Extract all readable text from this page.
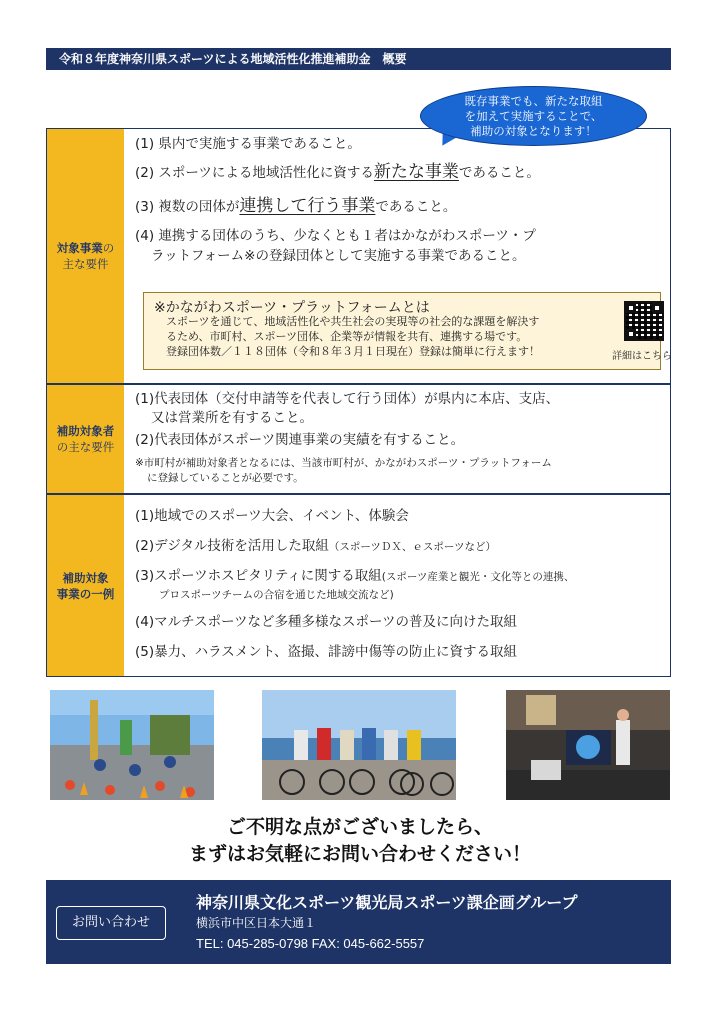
令和８年度神奈川県スポーツによる地域活性化推進補助金　概要
既存事業でも、新たな取組
を加えて実施することで、
補助の対象となります！
対象事業の
主な要件
(1) 県内で実施する事業であること。
(2) スポーツによる地域活性化に資する新たな事業であること。
(3) 複数の団体が連携して行う事業であること。
(4) 連携する団体のうち、少なくとも１者はかながわスポーツ・プ
ラットフォーム※の登録団体として実施する事業であること。
※かながわスポーツ・プラットフォームとは
スポーツを通じて、地域活性化や共生社会の実現等の社会的な課題を解決す
るため、市町村、スポーツ団体、企業等が情報を共有、連携する場です。
登録団体数／１１８団体（令和８年３月１日現在）登録は簡単に行えます！	詳細はこちら
補助対象者
の主な要件
(1)代表団体（交付申請等を代表して行う団体）が県内に本店、支店、
又は営業所を有すること。
(2)代表団体がスポーツ関連事業の実績を有すること。
※市町村が補助対象者となるには、当該市町村が、かながわスポーツ・プラットフォーム
に登録していることが必要です。
補助対象
事業の一例
(1)地域でのスポーツ大会、イベント、体験会
(2)デジタル技術を活用した取組（スポーツＤＸ、ｅスポーツなど）
(3)スポーツホスピタリティに関する取組(スポーツ産業と観光・文化等との連携、
プロスポーツチームの合宿を通じた地域交流など)
(4)マルチスポーツなど多種多様なスポーツの普及に向けた取組
(5)暴力、ハラスメント、盗撮、誹謗中傷等の防止に資する取組
ご不明な点がございましたら、
まずはお気軽にお問い合わせください！
お問い合わせ
神奈川県文化スポーツ観光局スポーツ課企画グループ
横浜市中区日本大通１
TEL: 045-285-0798 FAX: 045-662-5557
